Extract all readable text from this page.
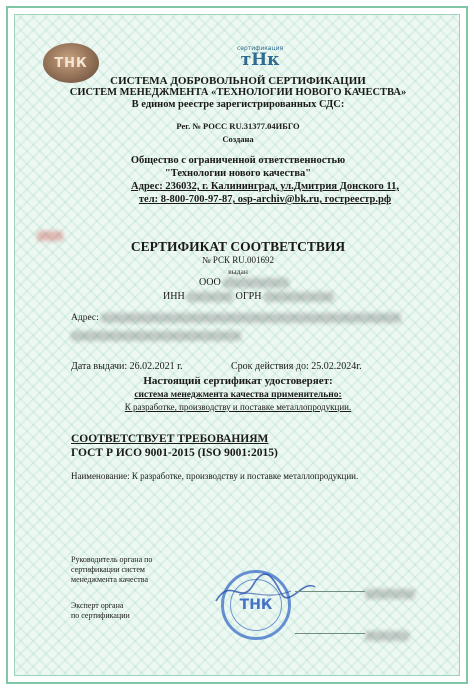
ТНК
сертификация
тНк
СИСТЕМА ДОБРОВОЛЬНОЙ СЕРТИФИКАЦИИ
СИСТЕМ МЕНЕДЖМЕНТА «ТЕХНОЛОГИИ НОВОГО КАЧЕСТВА»
В едином реестре зарегистрированных СДС:
Рег. № РОСС RU.31377.04ИБГО
Создана
Общество с ограниченной ответственностью
"Технологии нового качества"
Адрес: 236032, г. Калининград, ул.Дмитрия Донского 11,
тел: 8-800-700-97-87, osp-archiv@bk.ru, гостреестр.рф
СЕРТИФИКАТ СООТВЕТСТВИЯ
№ РСК RU.001692
выдан
ООО
ИНН	ОГРН
Адрес:
Дата выдачи: 26.02.2021 г.	Срок действия до: 25.02.2024г.
Настоящий сертификат удостоверяет:
система менеджмента качества применительно:
К разработке, производству и поставке металлопродукции.
СООТВЕТСТВУЕТ ТРЕБОВАНИЯМ
ГОСТ Р ИСО 9001-2015 (ISO 9001:2015)
Наименование: К разработке, производству и поставке металлопродукции.
Руководитель органа по
сертификации систем
менеджмента качества
Эксперт органа
по сертификации
ТНК
